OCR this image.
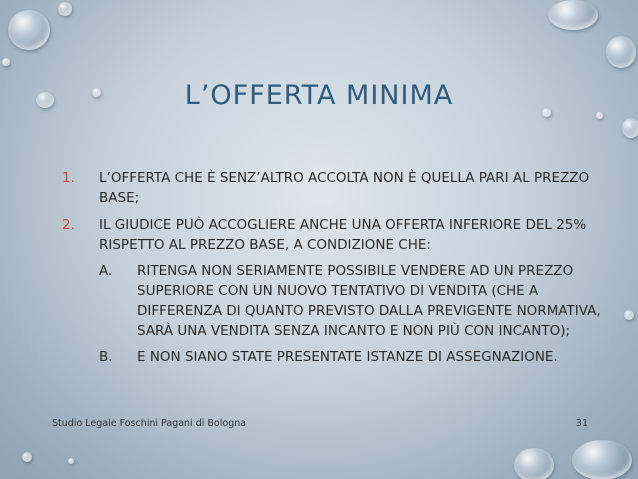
L’OFFERTA MINIMA
1. L’OFFERTA CHE È SENZ’ALTRO ACCOLTA NON È QUELLA PARI AL PREZZO BASE;
2. IL GIUDICE PUÒ ACCOGLIERE ANCHE UNA OFFERTA INFERIORE DEL 25% RISPETTO AL PREZZO BASE, A CONDIZIONE CHE:
A. RITENGA NON SERIAMENTE POSSIBILE VENDERE AD UN PREZZO SUPERIORE CON UN NUOVO TENTATIVO DI VENDITA (CHE A DIFFERENZA DI QUANTO PREVISTO DALLA PREVIGENTE NORMATIVA, SARÀ UNA VENDITA SENZA INCANTO E NON PIÙ CON INCANTO);
B. E NON SIANO STATE PRESENTATE ISTANZE DI ASSEGNAZIONE.
Studio Legale Foschini Pagani di Bologna	31
